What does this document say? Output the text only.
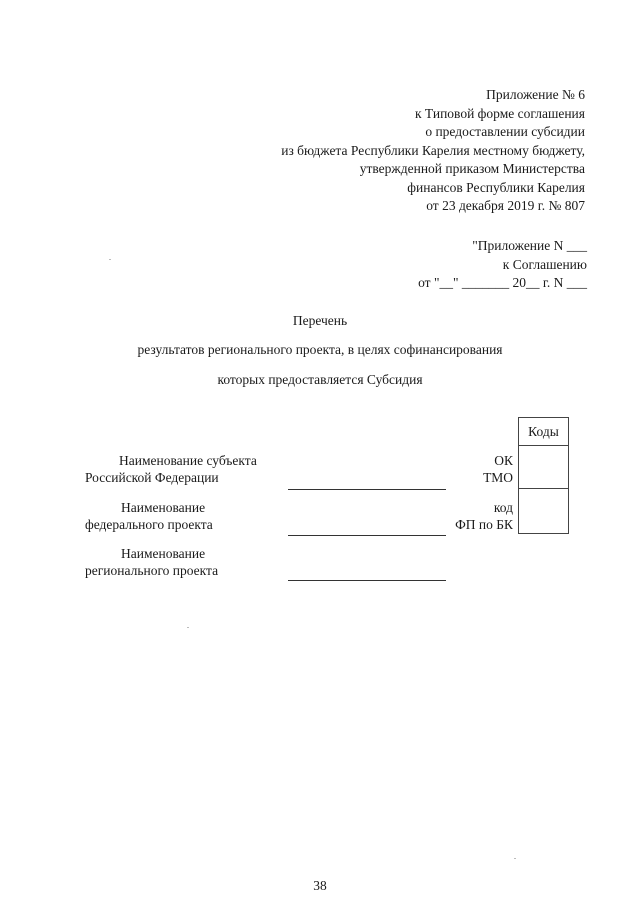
Приложение № 6
к Типовой форме соглашения
о предоставлении субсидии
из бюджета Республики Карелия местному бюджету,
утвержденной приказом Министерства
финансов Республики Карелия
от 23 декабря 2019 г. № 807
"Приложение N ___
к Соглашению
от "__" _______ 20__ г. N ___
Перечень
результатов регионального проекта, в целях софинансирования
которых предоставляется Субсидия
Наименование субъекта
Российской Федерации
ОК
ТМО
Наименование
федерального проекта
код
ФП по БК
Наименование
регионального проекта
Коды
38
